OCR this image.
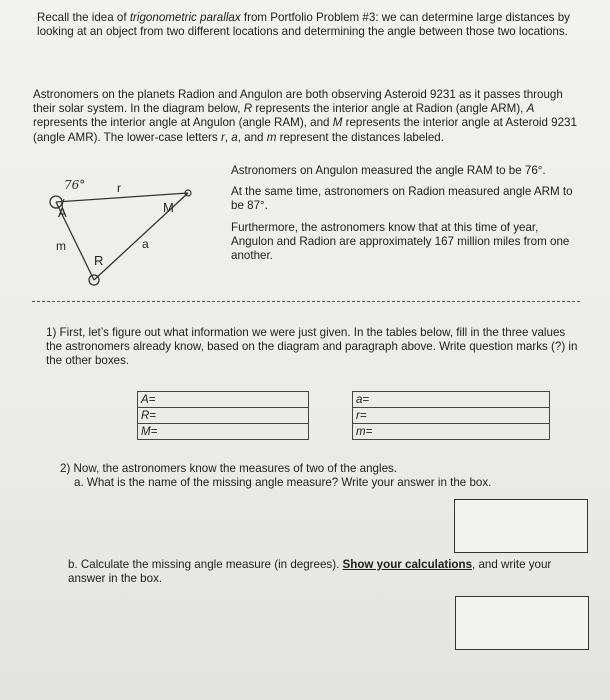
Recall the idea of trigonometric parallax from Portfolio Problem #3: we can determine large distances by looking at an object from two different locations and determining the angle between those two locations.

Astronomers on the planets Radion and Angulon are both observing Asteroid 9231 as it passes through their solar system. In the diagram below, R represents the interior angle at Radion (angle ARM), A represents the interior angle at Angulon (angle RAM), and M represents the interior angle at Asteroid 9231 (angle AMR). The lower-case letters r, a, and m represent the distances labeled.

76°
A	M
R
r
a
m

Astronomers on Angulon measured the angle RAM to be 76°.

At the same time, astronomers on Radion measured angle ARM to be 87°.

Furthermore, the astronomers know that at this time of year, Angulon and Radion are approximately 167 million miles from one another.

1) First, let’s figure out what information we were just given. In the tables below, fill in the three values the astronomers already know, based on the diagram and paragraph above. Write question marks (?) in the other boxes.

A=
R=
M=
a=
r=
m=

2) Now, the astronomers know the measures of two of the angles.

a. What is the name of the missing angle measure? Write your answer in the box.

b. Calculate the missing angle measure (in degrees). Show your calculations, and write your answer in the box.
